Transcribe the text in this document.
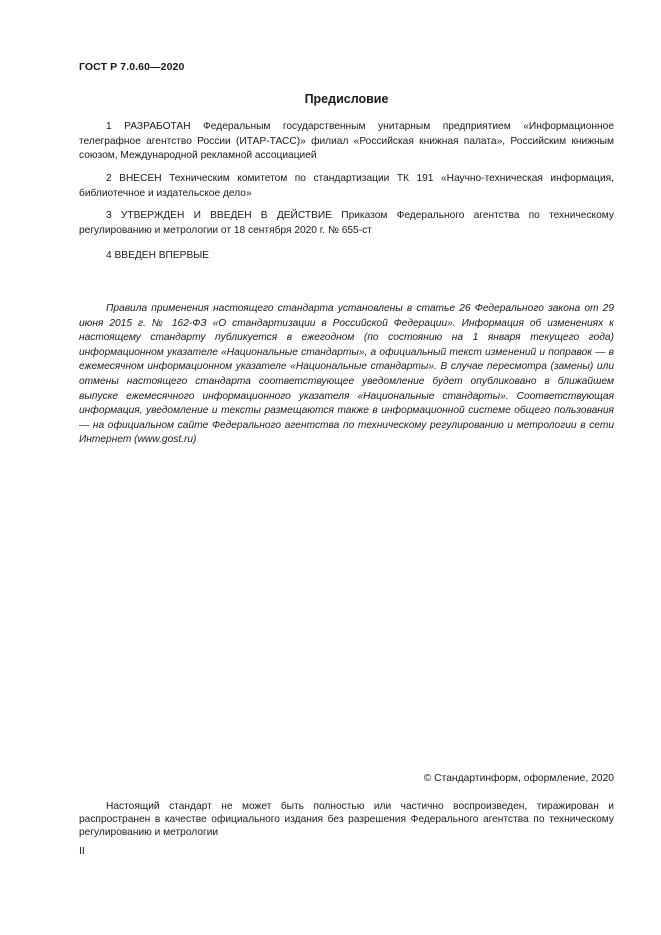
ГОСТ Р 7.0.60—2020
Предисловие

1 РАЗРАБОТАН Федеральным государственным унитарным предприятием «Информационное телеграфное агентство России (ИТАР-ТАСС)» филиал «Российская книжная палата», Российским книжным союзом, Международной рекламной ассоциацией

2 ВНЕСЕН Техническим комитетом по стандартизации ТК 191 «Научно-техническая информация, библиотечное и издательское дело»

3 УТВЕРЖДЕН И ВВЕДЕН В ДЕЙСТВИЕ Приказом Федерального агентства по техническому регулированию и метрологии от 18 сентября 2020 г. № 655-ст

4 ВВЕДЕН ВПЕРВЫЕ

Правила применения настоящего стандарта установлены в статье 26 Федерального закона от 29 июня 2015 г. № 162-ФЗ «О стандартизации в Российской Федерации». Информация об изменениях к настоящему стандарту публикуется в ежегодном (по состоянию на 1 января текущего года) информационном указателе «Национальные стандарты», а официальный текст изменений и поправок — в ежемесячном информационном указателе «Национальные стандарты». В случае пересмотра (замены) или отмены настоящего стандарта соответствующее уведомление будет опубликовано в ближайшем выпуске ежемесячного информационного указателя «Национальные стандарты». Соответствующая информация, уведомление и тексты размещаются также в информационной системе общего пользования — на официальном сайте Федерального агентства по техническому регулированию и метрологии в сети Интернет (www.gost.ru)

© Стандартинформ, оформление, 2020

Настоящий стандарт не может быть полностью или частично воспроизведен, тиражирован и распространен в качестве официального издания без разрешения Федерального агентства по техническому регулированию и метрологии

II
